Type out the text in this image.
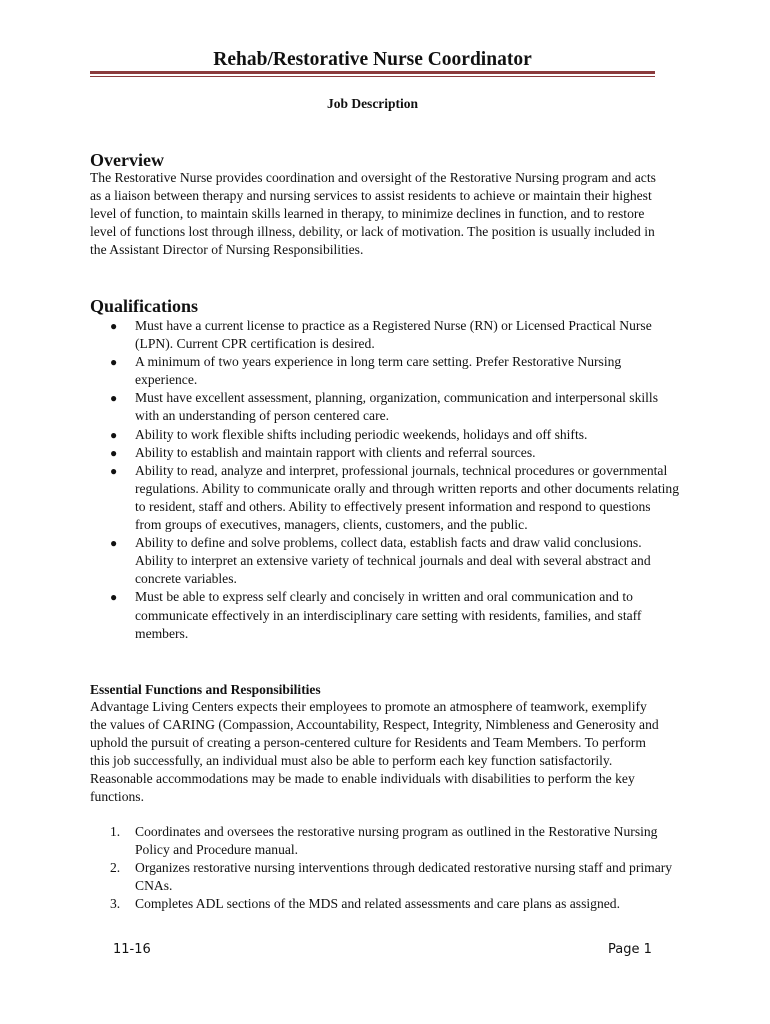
Rehab/Restorative Nurse Coordinator
Job Description
Overview

The Restorative Nurse provides coordination and oversight of the Restorative Nursing program and acts as a liaison between therapy and nursing services to assist residents to achieve or maintain their highest level of function, to maintain skills learned in therapy, to minimize declines in function, and to restore level of functions lost through illness, debility, or lack of motivation. The position is usually included in the Assistant Director of Nursing Responsibilities.

Qualifications
● Must have a current license to practice as a Registered Nurse (RN) or Licensed Practical Nurse (LPN). Current CPR certification is desired.
● A minimum of two years experience in long term care setting. Prefer Restorative Nursing experience.
● Must have excellent assessment, planning, organization, communication and interpersonal skills with an understanding of person centered care.
● Ability to work flexible shifts including periodic weekends, holidays and off shifts.
● Ability to establish and maintain rapport with clients and referral sources.
● Ability to read, analyze and interpret, professional journals, technical procedures or governmental regulations. Ability to communicate orally and through written reports and other documents relating to resident, staff and others. Ability to effectively present information and respond to questions from groups of executives, managers, clients, customers, and the public.
● Ability to define and solve problems, collect data, establish facts and draw valid conclusions. Ability to interpret an extensive variety of technical journals and deal with several abstract and concrete variables.
● Must be able to express self clearly and concisely in written and oral communication and to communicate effectively in an interdisciplinary care setting with residents, families, and staff members.
Essential Functions and Responsibilities

Advantage Living Centers expects their employees to promote an atmosphere of teamwork, exemplify the values of CARING (Compassion, Accountability, Respect, Integrity, Nimbleness and Generosity and uphold the pursuit of creating a person-centered culture for Residents and Team Members. To perform this job successfully, an individual must also be able to perform each key function satisfactorily. Reasonable accommodations may be made to enable individuals with disabilities to perform the key functions.

1. Coordinates and oversees the restorative nursing program as outlined in the Restorative Nursing Policy and Procedure manual.
2. Organizes restorative nursing interventions through dedicated restorative nursing staff and primary CNAs.
3. Completes ADL sections of the MDS and related assessments and care plans as assigned.
11-16	Page 1
